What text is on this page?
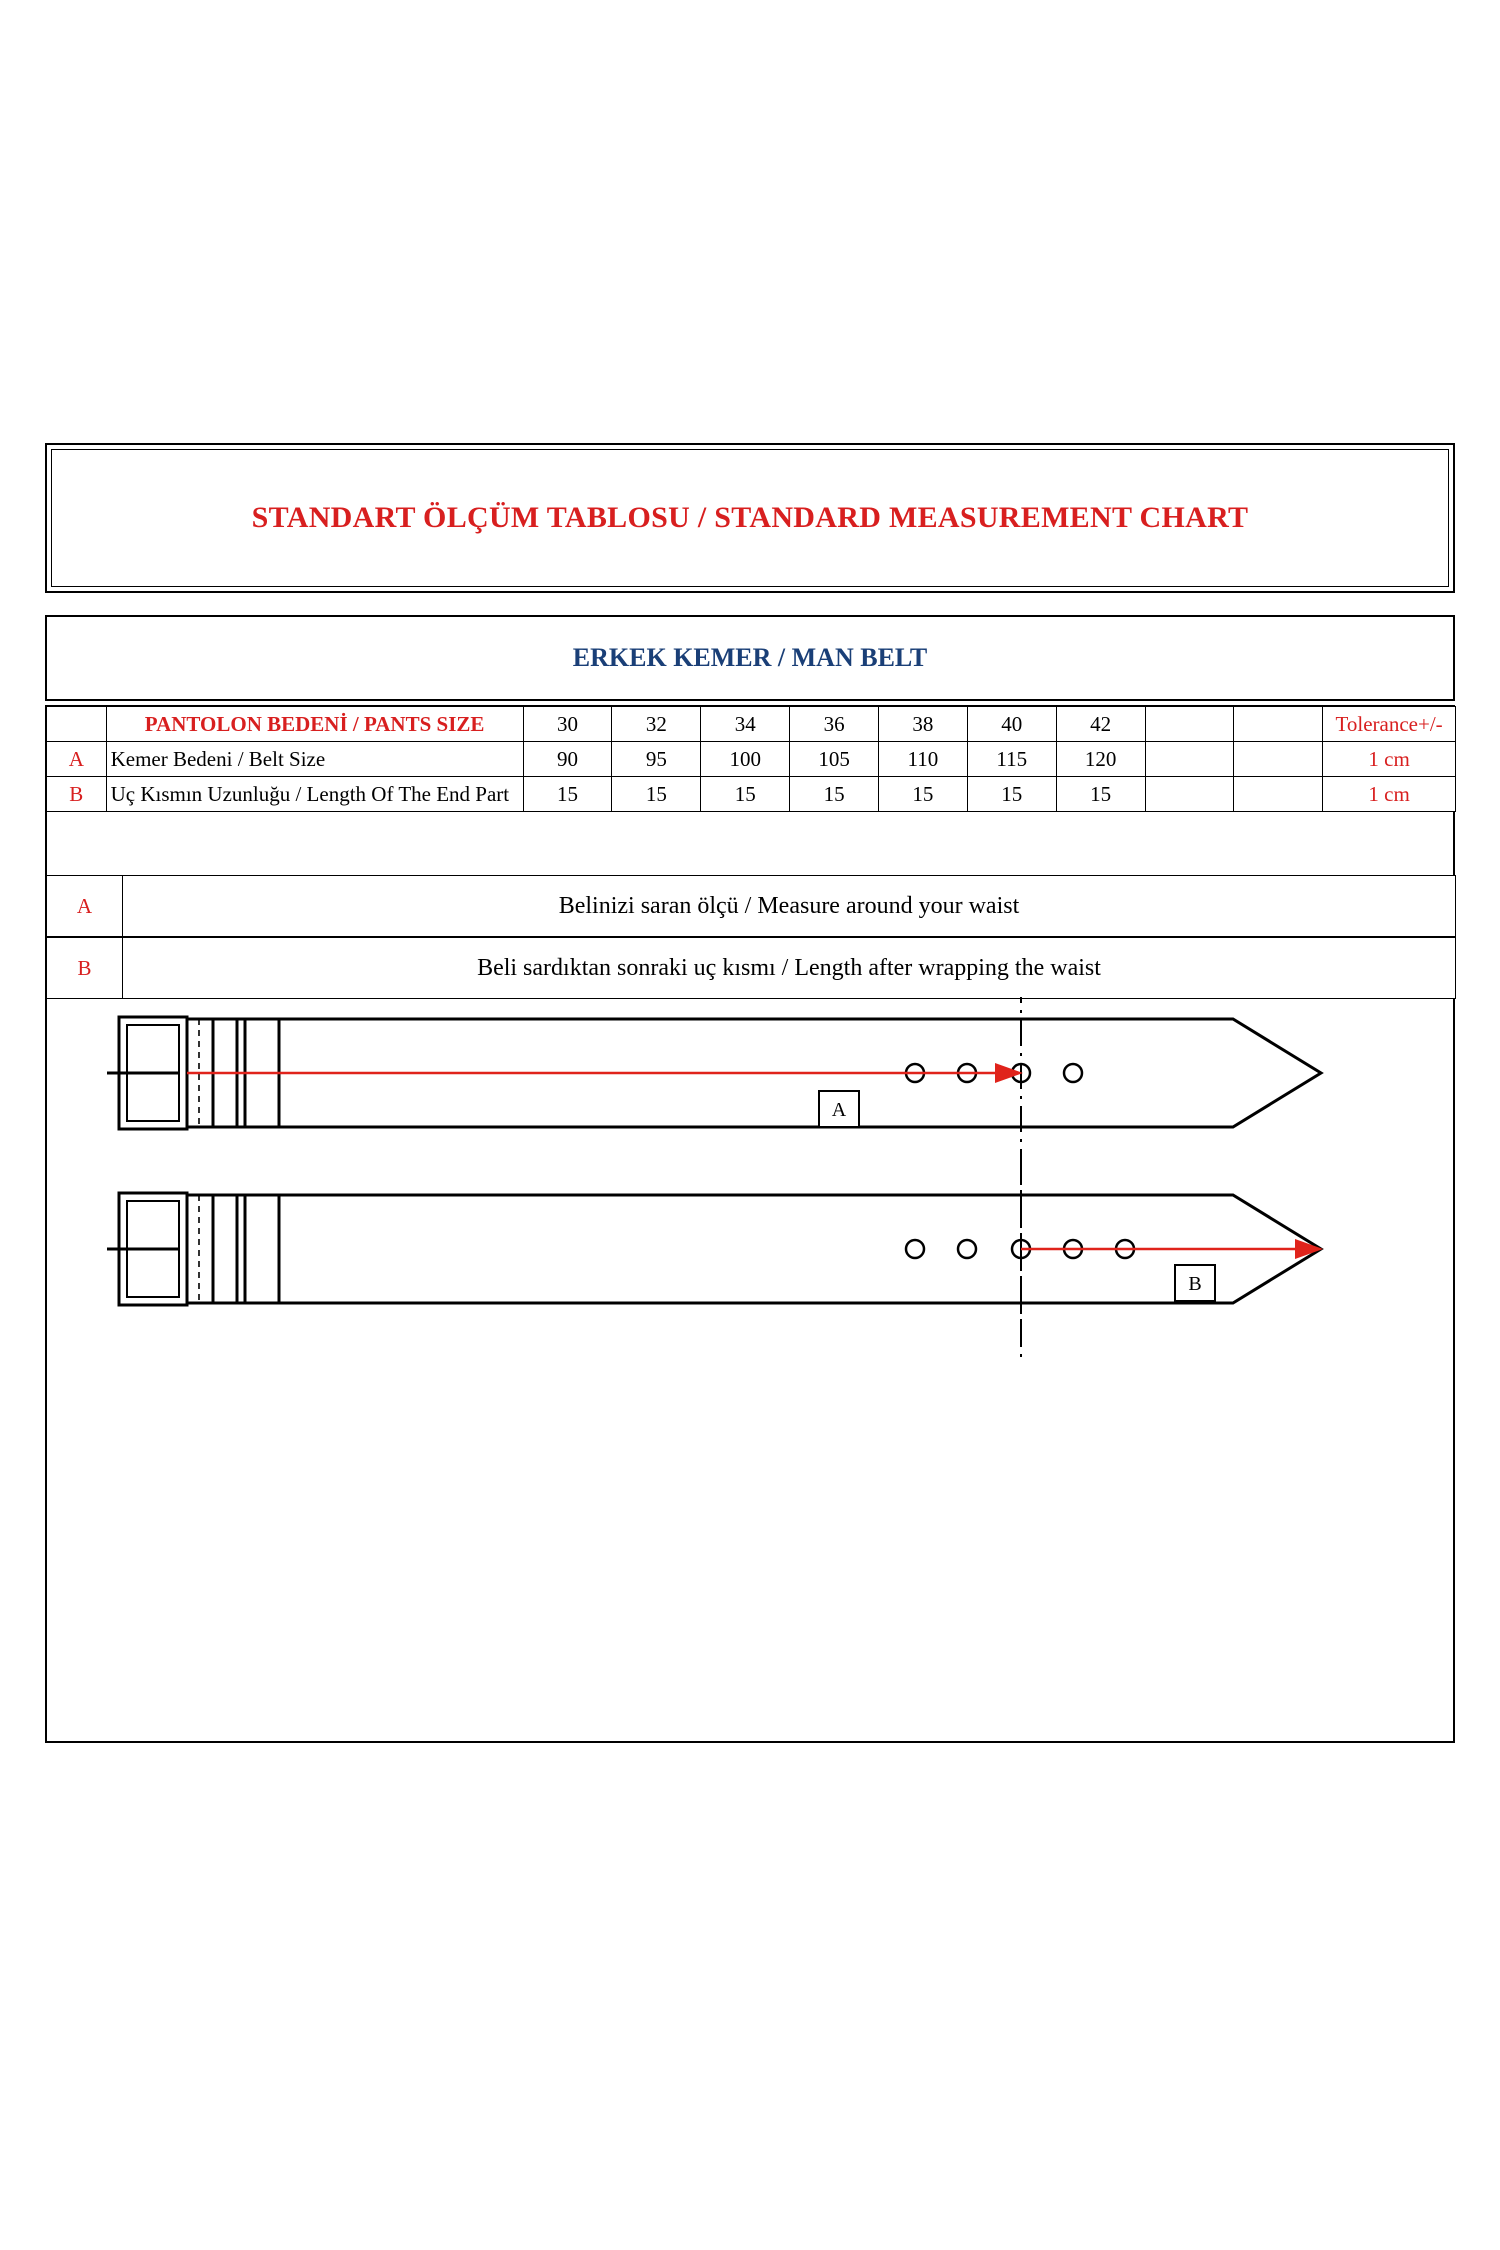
STANDART ÖLÇÜM TABLOSU / STANDARD MEASUREMENT CHART
ERKEK KEMER / MAN BELT
	PANTOLON BEDENİ / PANTS SIZE	30	32	34	36	38	40	42			Tolerance+/-
A	Kemer Bedeni / Belt Size	90	95	100	105	110	115	120			1 cm
B	Uç Kısmın Uzunluğu / Length Of The End Part	15	15	15	15	15	15	15			1 cm
A	Belinizi saran ölçü / Measure around your waist
B	Beli sardıktan sonraki uç kısmı / Length after wrapping the waist
A
B
